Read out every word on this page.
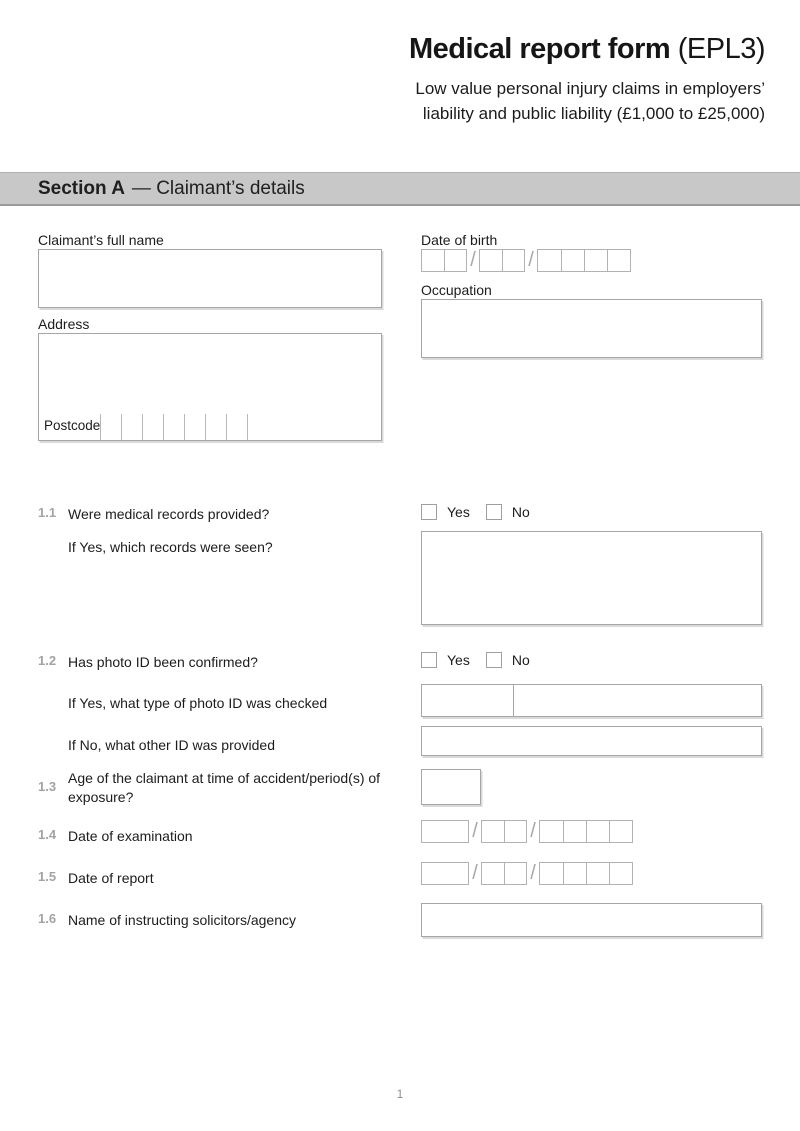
Medical report form (EPL3)

Low value personal injury claims in employers’
liability and public liability (£1,000 to £25,000)

Section A — Claimant’s details
Claimant’s full name	Date of birth
/	/
Occupation
Address
Postcode
1.1 Were medical records provided?	Yes	No
If Yes, which records were seen?
1.2 Has photo ID been confirmed?	Yes	No
If Yes, what type of photo ID was checked
If No, what other ID was provided
1.3
Age of the claimant at time of accident/period(s) of exposure?
1.4 Date of examination	/	/
1.5 Date of report	/	/
1.6 Name of instructing solicitors/agency
1
